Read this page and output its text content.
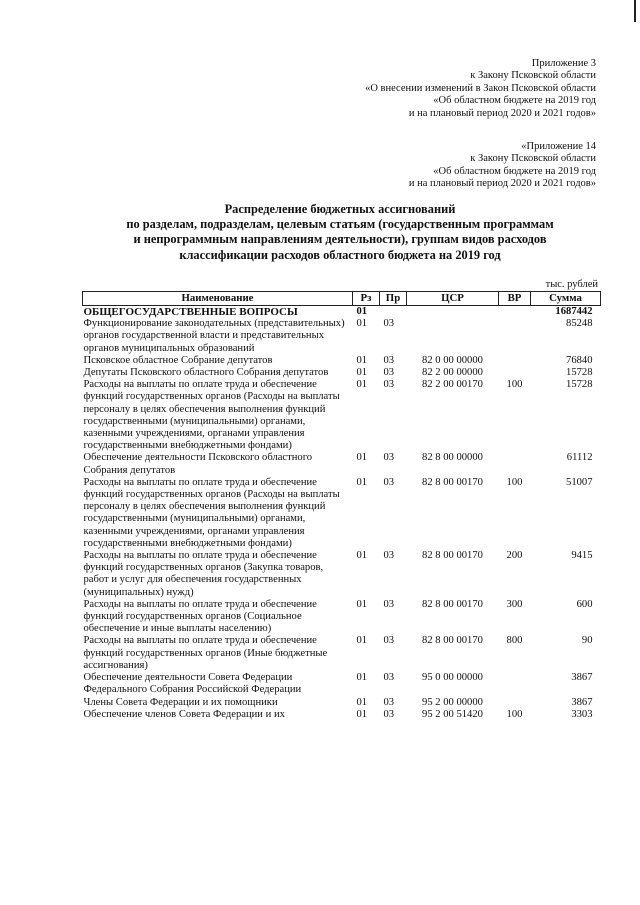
Приложение 3
к Закону Псковской области
«О внесении изменений в Закон Псковской области
«Об областном бюджете на 2019 год
и на плановый период 2020 и 2021 годов»
«Приложение 14
к Закону Псковской области
«Об областном бюджете на 2019 год
и на плановый период 2020 и 2021 годов»
Распределение бюджетных ассигнований
по разделам, подразделам, целевым статьям (государственным программам
и непрограммным направлениям деятельности), группам видов расходов
классификации расходов областного бюджета на 2019 год
тыс. рублей
Наименование	Рз	Пр	ЦСР	ВР	Сумма
ОБЩЕГОСУДАРСТВЕННЫЕ ВОПРОСЫ	01				1687442
Функционирование законодательных (представительных) органов государственной власти и представительных органов муниципальных образований	01	03			85248
Псковское областное Собрание депутатов	01	03	82 0 00 00000		76840
Депутаты Псковского областного Собрания депутатов	01	03	82 2 00 00000		15728
Расходы на выплаты по оплате труда и обеспечение функций государственных органов (Расходы на выплаты персоналу в целях обеспечения выполнения функций государственными (муниципальными) органами, казенными учреждениями, органами управления государственными внебюджетными фондами)	01	03	82 2 00 00170	100	15728
Обеспечение деятельности Псковского областного Собрания депутатов	01	03	82 8 00 00000		61112
Расходы на выплаты по оплате труда и обеспечение функций государственных органов (Расходы на выплаты персоналу в целях обеспечения выполнения функций государственными (муниципальными) органами, казенными учреждениями, органами управления государственными внебюджетными фондами)	01	03	82 8 00 00170	100	51007
Расходы на выплаты по оплате труда и обеспечение функций государственных органов (Закупка товаров, работ и услуг для обеспечения государственных (муниципальных) нужд)	01	03	82 8 00 00170	200	9415
Расходы на выплаты по оплате труда и обеспечение функций государственных органов (Социальное обеспечение и иные выплаты населению)	01	03	82 8 00 00170	300	600
Расходы на выплаты по оплате труда и обеспечение функций государственных органов (Иные бюджетные ассигнования)	01	03	82 8 00 00170	800	90
Обеспечение деятельности Совета Федерации Федерального Собрания Российской Федерации	01	03	95 0 00 00000		3867
Члены Совета Федерации и их помощники	01	03	95 2 00 00000		3867
Обеспечение членов Совета Федерации и их	01	03	95 2 00 51420	100	3303
